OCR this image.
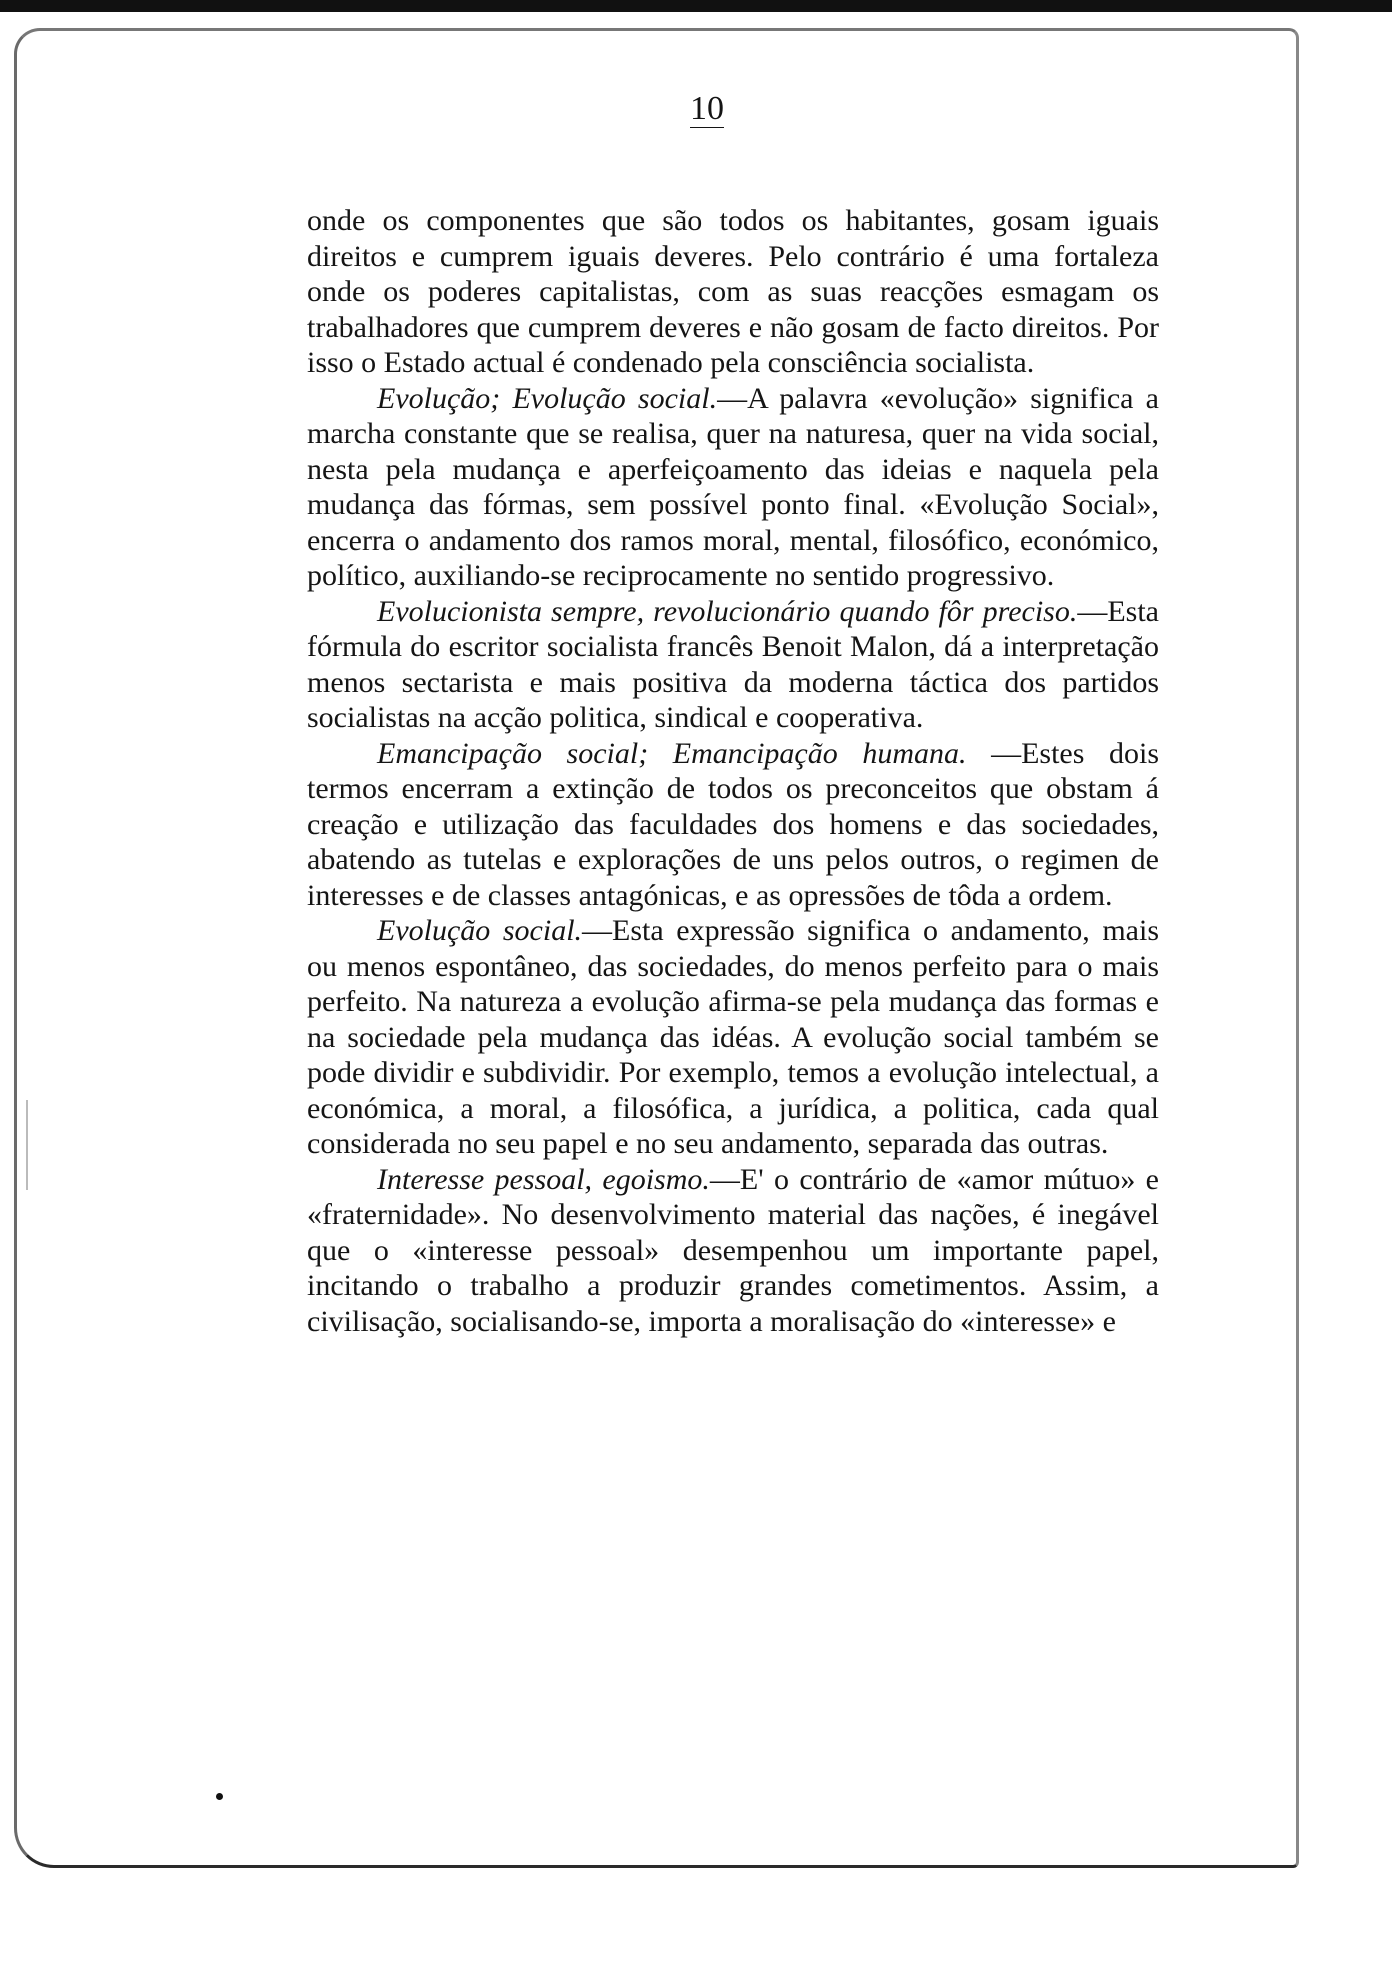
10

onde os componentes que são todos os habitantes, gosam iguais direitos e cumprem iguais deveres. Pelo contrário é uma fortaleza onde os poderes capitalistas, com as suas reacções esmagam os trabalhadores que cumprem deveres e não gosam de facto direitos. Por isso o Estado actual é condenado pela consciência socialista.

Evolução; Evolução social.—A palavra «evolução» significa a marcha constante que se realisa, quer na naturesa, quer na vida social, nesta pela mudança e aperfeiçoamento das ideias e naquela pela mudança das fórmas, sem possível ponto final. «Evolução Social», encerra o andamento dos ramos moral, mental, filosófico, económico, político, auxiliando-se reciprocamente no sentido progressivo.

Evolucionista sempre, revolucionário quando fôr preciso.—Esta fórmula do escritor socialista francês Benoit Malon, dá a interpretação menos sectarista e mais positiva da moderna táctica dos partidos socialistas na acção politica, sindical e cooperativa.

Emancipação social; Emancipação humana. —Estes dois termos encerram a extinção de todos os preconceitos que obstam á creação e utilização das faculdades dos homens e das sociedades, abatendo as tutelas e explorações de uns pelos outros, o regimen de interesses e de classes antagónicas, e as opressões de tôda a ordem.

Evolução social.—Esta expressão significa o andamento, mais ou menos espontâneo, das sociedades, do menos perfeito para o mais perfeito. Na natureza a evolução afirma-se pela mudança das formas e na sociedade pela mudança das idéas. A evolução social também se pode dividir e subdividir. Por exemplo, temos a evolução intelectual, a económica, a moral, a filosófica, a jurídica, a politica, cada qual considerada no seu papel e no seu andamento, separada das outras.

Interesse pessoal, egoismo.—E' o contrário de «amor mútuo» e «fraternidade». No desenvolvimento material das nações, é inegável que o «interesse pessoal» desempenhou um importante papel, incitando o trabalho a produzir grandes cometimentos. Assim, a civilisação, socialisando-se, importa a moralisação do «interesse» e
